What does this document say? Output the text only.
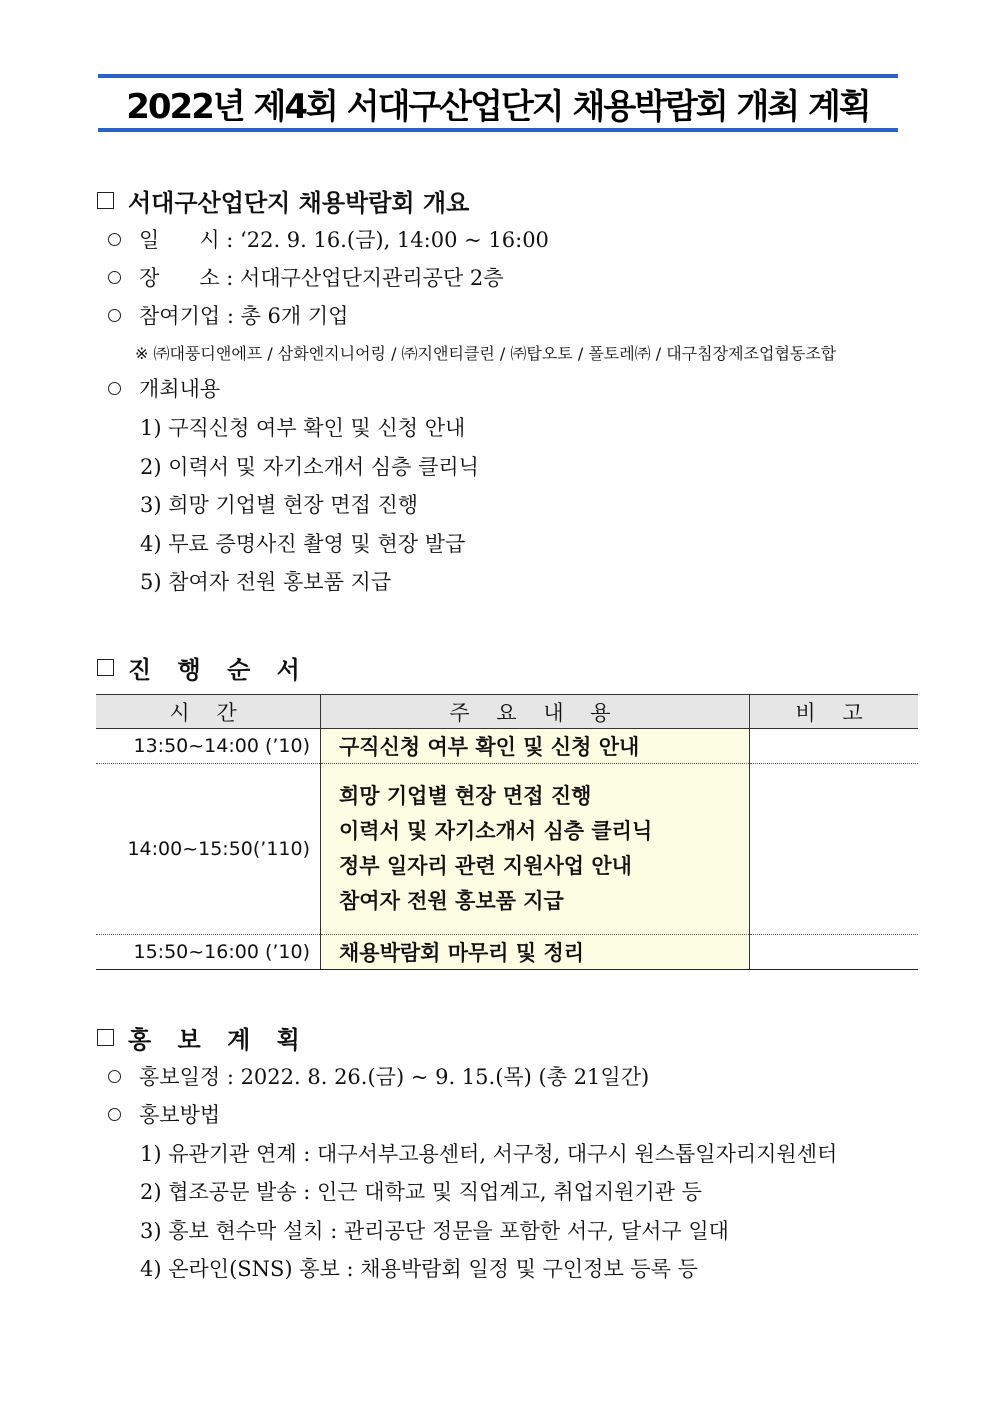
2022년 제4회 서대구산업단지 채용박람회 개최 계획
서대구산업단지 채용박람회 개요
일      시 : ‘22. 9. 16.(금), 14:00 ~ 16:00
장      소 : 서대구산업단지관리공단 2층
참여기업 : 총 6개 기업
※ ㈜대풍디앤에프 / 삼화엔지니어링 / ㈜지앤티클린 / ㈜탑오토 / 폴토레㈜ / 대구침장제조업협동조합
개최내용
1) 구직신청 여부 확인 및 신청 안내
2) 이력서 및 자기소개서 심층 클리닉
3) 희망 기업별 현장 면접 진행
4) 무료 증명사진 촬영 및 현장 발급
5) 참여자 전원 홍보품 지급
진 행 순 서
시 간	주 요 내 용	비 고
13:50~14:00 (’10)	구직신청 여부 확인 및 신청 안내	
14:00~15:50(’110)	희망 기업별 현장 면접 진행
이력서 및 자기소개서 심층 클리닉
정부 일자리 관련 지원사업 안내
참여자 전원 홍보품 지급	

15:50~16:00 (’10)	채용박람회 마무리 및 정리	
홍 보 계 획
홍보일정 : 2022. 8. 26.(금) ~ 9. 15.(목) (총 21일간)
홍보방법
1) 유관기관 연계 : 대구서부고용센터, 서구청, 대구시 원스톱일자리지원센터
2) 협조공문 발송 : 인근 대학교 및 직업계고, 취업지원기관 등
3) 홍보 현수막 설치 : 관리공단 정문을 포함한 서구, 달서구 일대
4) 온라인(SNS) 홍보 : 채용박람회 일정 및 구인정보 등록 등
